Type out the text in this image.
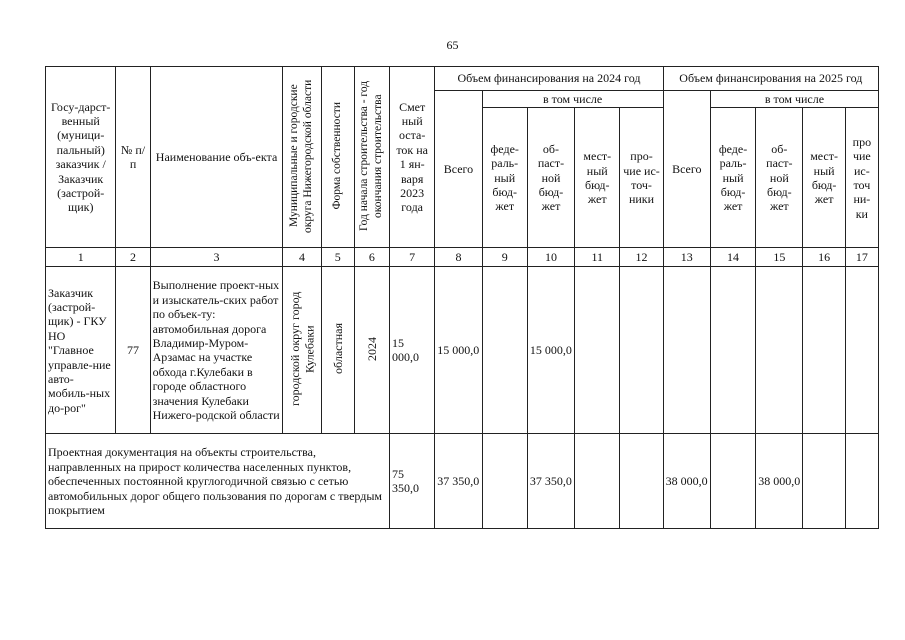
65
Госу-дарст-венный (муници-пальный) заказчик / Заказчик (застрой-щик)	№ п/п	Наименование объ-екта	Муниципальные и городские округа Нижегородской области	Форма собственности	Год начала строительства - год окончания строительства	Смет ный оста-ток на 1 ян-варя 2023 года	Объем финансирования на 2024 год					Объем финансирования на 2025 год				
							Всего	в том числе				Всего	в том числе			
								феде-раль-ный бюд-жет	об-паст-ной бюд-жет	мест-ный бюд-жет	про-чие ис-точ-ники		феде-раль-ный бюд-жет	об-паст-ной бюд-жет	мест-ный бюд-жет	про чие ис-точ ни-ки
1	2	3	4	5	6	7	8	9	10	11	12	13	14	15	16	17
Заказчик (застрой-щик) - ГКУ НО "Главное управле-ние авто-мобиль-ных до-рог"	77	Выполнение проект-ных и изыскатель-ских работ по объек-ту: автомобильная дорога Владимир-Муром-Арзамас на участке обхода г.Кулебаки в городе областного значения Кулебаки Нижего-родской области	городской округ город Кулебаки	областная	2024	15 000,0	15 000,0		15 000,0							
Проектная документация на объекты строительства, направленных на прирост количества населенных пунктов, обеспеченных постоянной круглогодичной связью с сетью автомобильных дорог общего пользования по дорогам с твердым покрытием						75 350,0	37 350,0		37 350,0			38 000,0		38 000,0		
